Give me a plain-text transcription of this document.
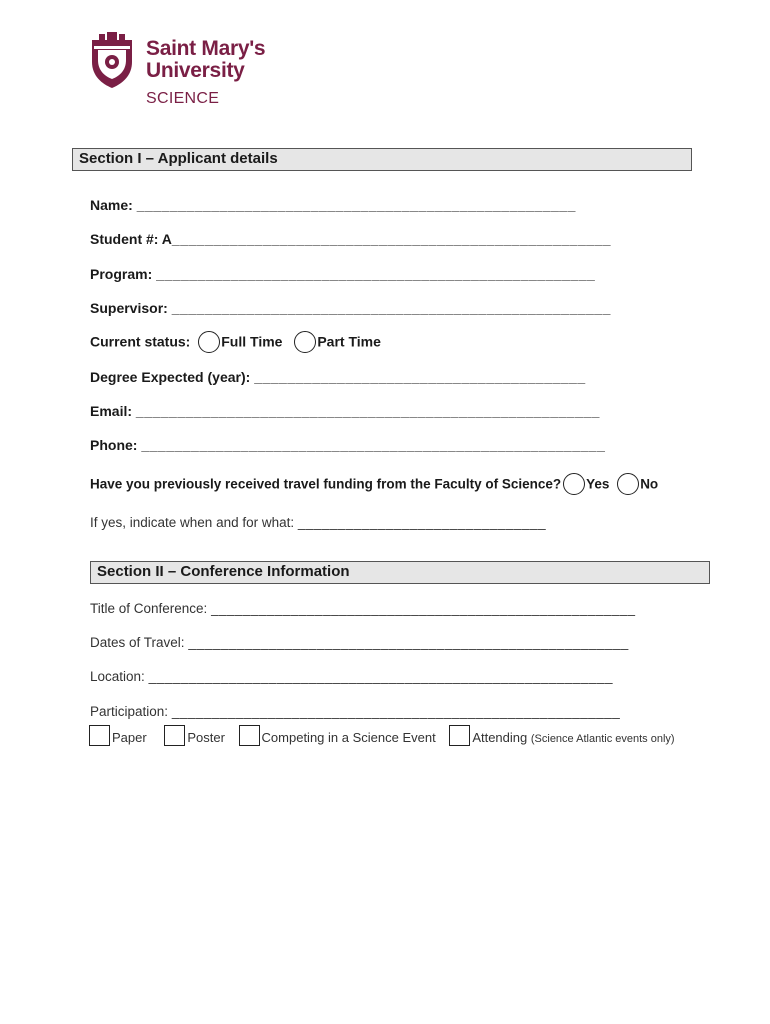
Saint Mary's
University
SCIENCE
Section I – Applicant details
Name: _____________________________________________________
Student #: A_____________________________________________________
Program: _____________________________________________________
Supervisor: _____________________________________________________
Current status: Full Time Part Time
Degree Expected (year): ________________________________________
Email: ________________________________________________________
Phone: ________________________________________________________
Have you previously received travel funding from the Faculty of Science? Yes No
If yes, indicate when and for what: _______________________________
Section II – Conference Information
Title of Conference: _____________________________________________________
Dates of Travel: _______________________________________________________
Location: __________________________________________________________
Participation: ________________________________________________________
Paper	Poster	Competing in a Science Event	Attending (Science Atlantic events only)
